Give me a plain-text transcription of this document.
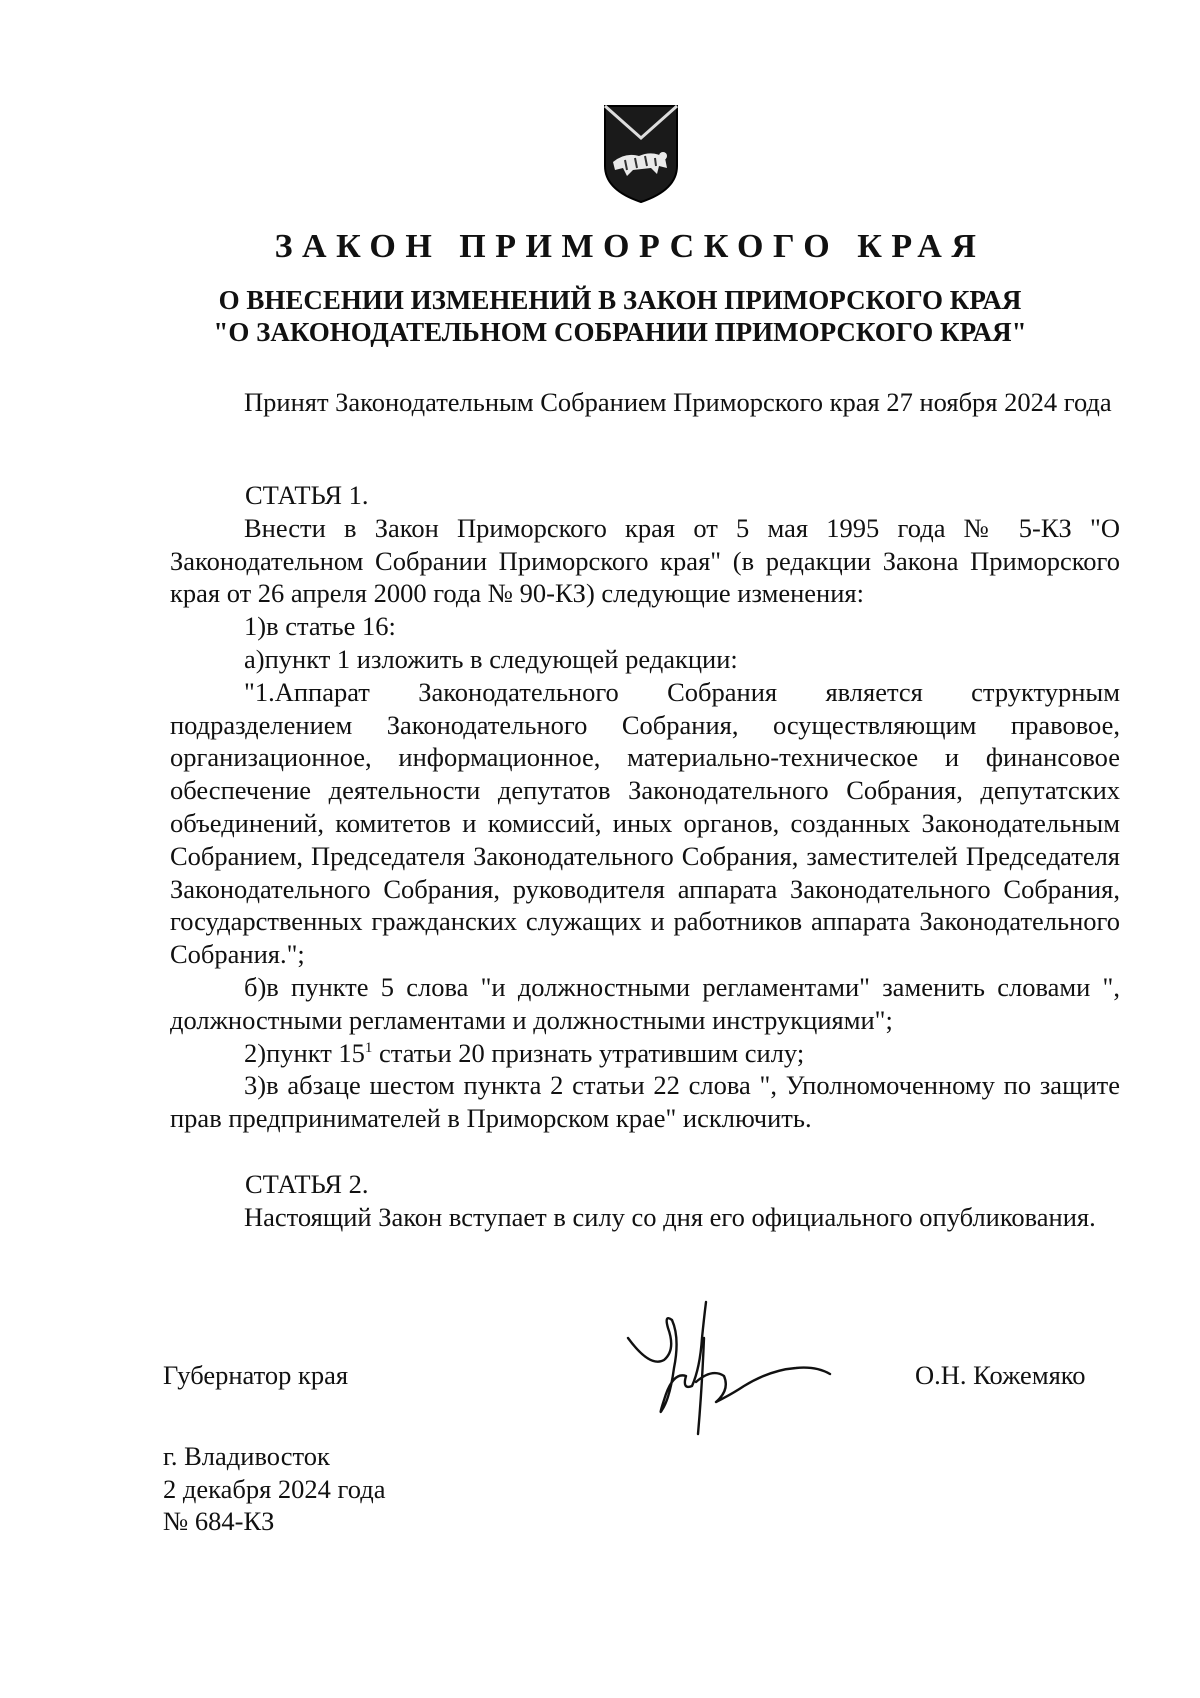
ЗАКОН ПРИМОРСКОГО КРАЯ
О ВНЕСЕНИИ ИЗМЕНЕНИЙ В ЗАКОН ПРИМОРСКОГО КРАЯ
"О ЗАКОНОДАТЕЛЬНОМ СОБРАНИИ ПРИМОРСКОГО КРАЯ"

Принят Законодательным Собранием Приморского края 27 ноября 2024 года

СТАТЬЯ 1.

Внести в Закон Приморского края от 5 мая 1995 года № 5-КЗ "О Законодательном Собрании Приморского края" (в редакции Закона Приморского края от 26 апреля 2000 года № 90-КЗ) следующие изменения:

1)в статье 16:

а)пункт 1 изложить в следующей редакции:

"1.Аппарат Законодательного Собрания является структурным подразделением Законодательного Собрания, осуществляющим правовое, организационное, информационное, материально-техническое и финансовое обеспечение деятельности депутатов Законодательного Собрания, депутатских объединений, комитетов и комиссий, иных органов, созданных Законодательным Собранием, Председателя Законодательного Собрания, заместителей Председателя Законодательного Собрания, руководителя аппарата Законодательного Собрания, государственных гражданских служащих и работников аппарата Законодательного Собрания.";

б)в пункте 5 слова "и должностными регламентами" заменить словами ", должностными регламентами и должностными инструкциями";

2)пункт $15^1$ статьи 20 признать утратившим силу;

3)в абзаце шестом пункта 2 статьи 22 слова ", Уполномоченному по защите прав предпринимателей в Приморском крае" исключить.

СТАТЬЯ 2.

Настоящий Закон вступает в силу со дня его официального опубликования.

Губернатор края	О.Н. Кожемяко
г. Владивосток
2 декабря 2024 года
№ 684-КЗ
